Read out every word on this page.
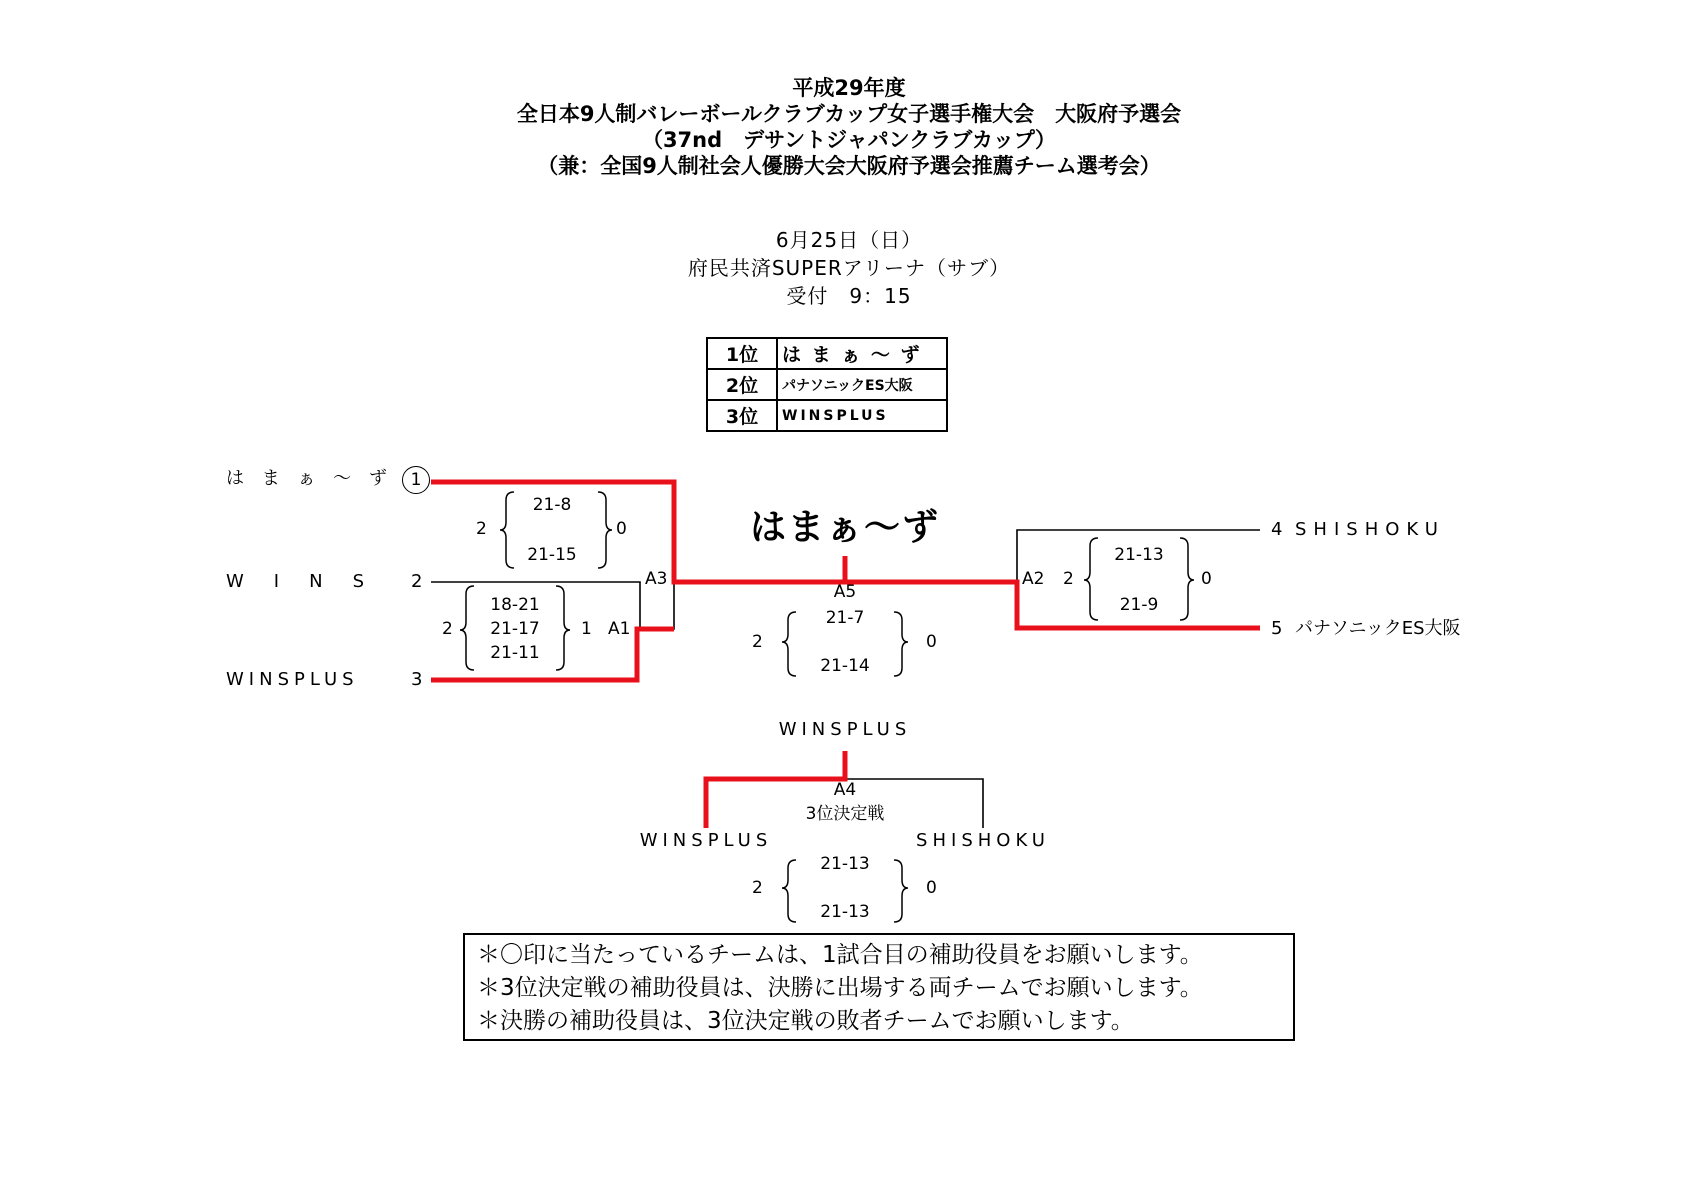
平成29年度
全日本9人制バレーボールクラブカップ女子選手権大会　大阪府予選会
（37nd　デサントジャパンクラブカップ）
（兼：全国9人制社会人優勝大会大阪府予選会推薦チーム選考会）
6月25日（日）
府民共済SUPERアリーナ（サブ）
受付　9：15
1位	は ま ぁ ～ ず
2位	パナソニックES大阪
3位	WINSPLUS
は ま ぁ ～ ず	1
W　I　N　S 2
WINSPLUS	3
4 SHISHOKU
5 パナソニックES大阪
2
21-8
21-15
0
A3
2
18-21
21-17
21-11
1 A1
はまぁ～ず
A5
2
21-7
21-14
0
A2 2
21-13
21-9
0
WINSPLUS
A4
3位決定戦
WINSPLUS	SHISHOKU
2
21-13
21-13
0
＊〇印に当たっているチームは、1試合目の補助役員をお願いします。
＊3位決定戦の補助役員は、決勝に出場する両チームでお願いします。
＊決勝の補助役員は、3位決定戦の敗者チームでお願いします。
